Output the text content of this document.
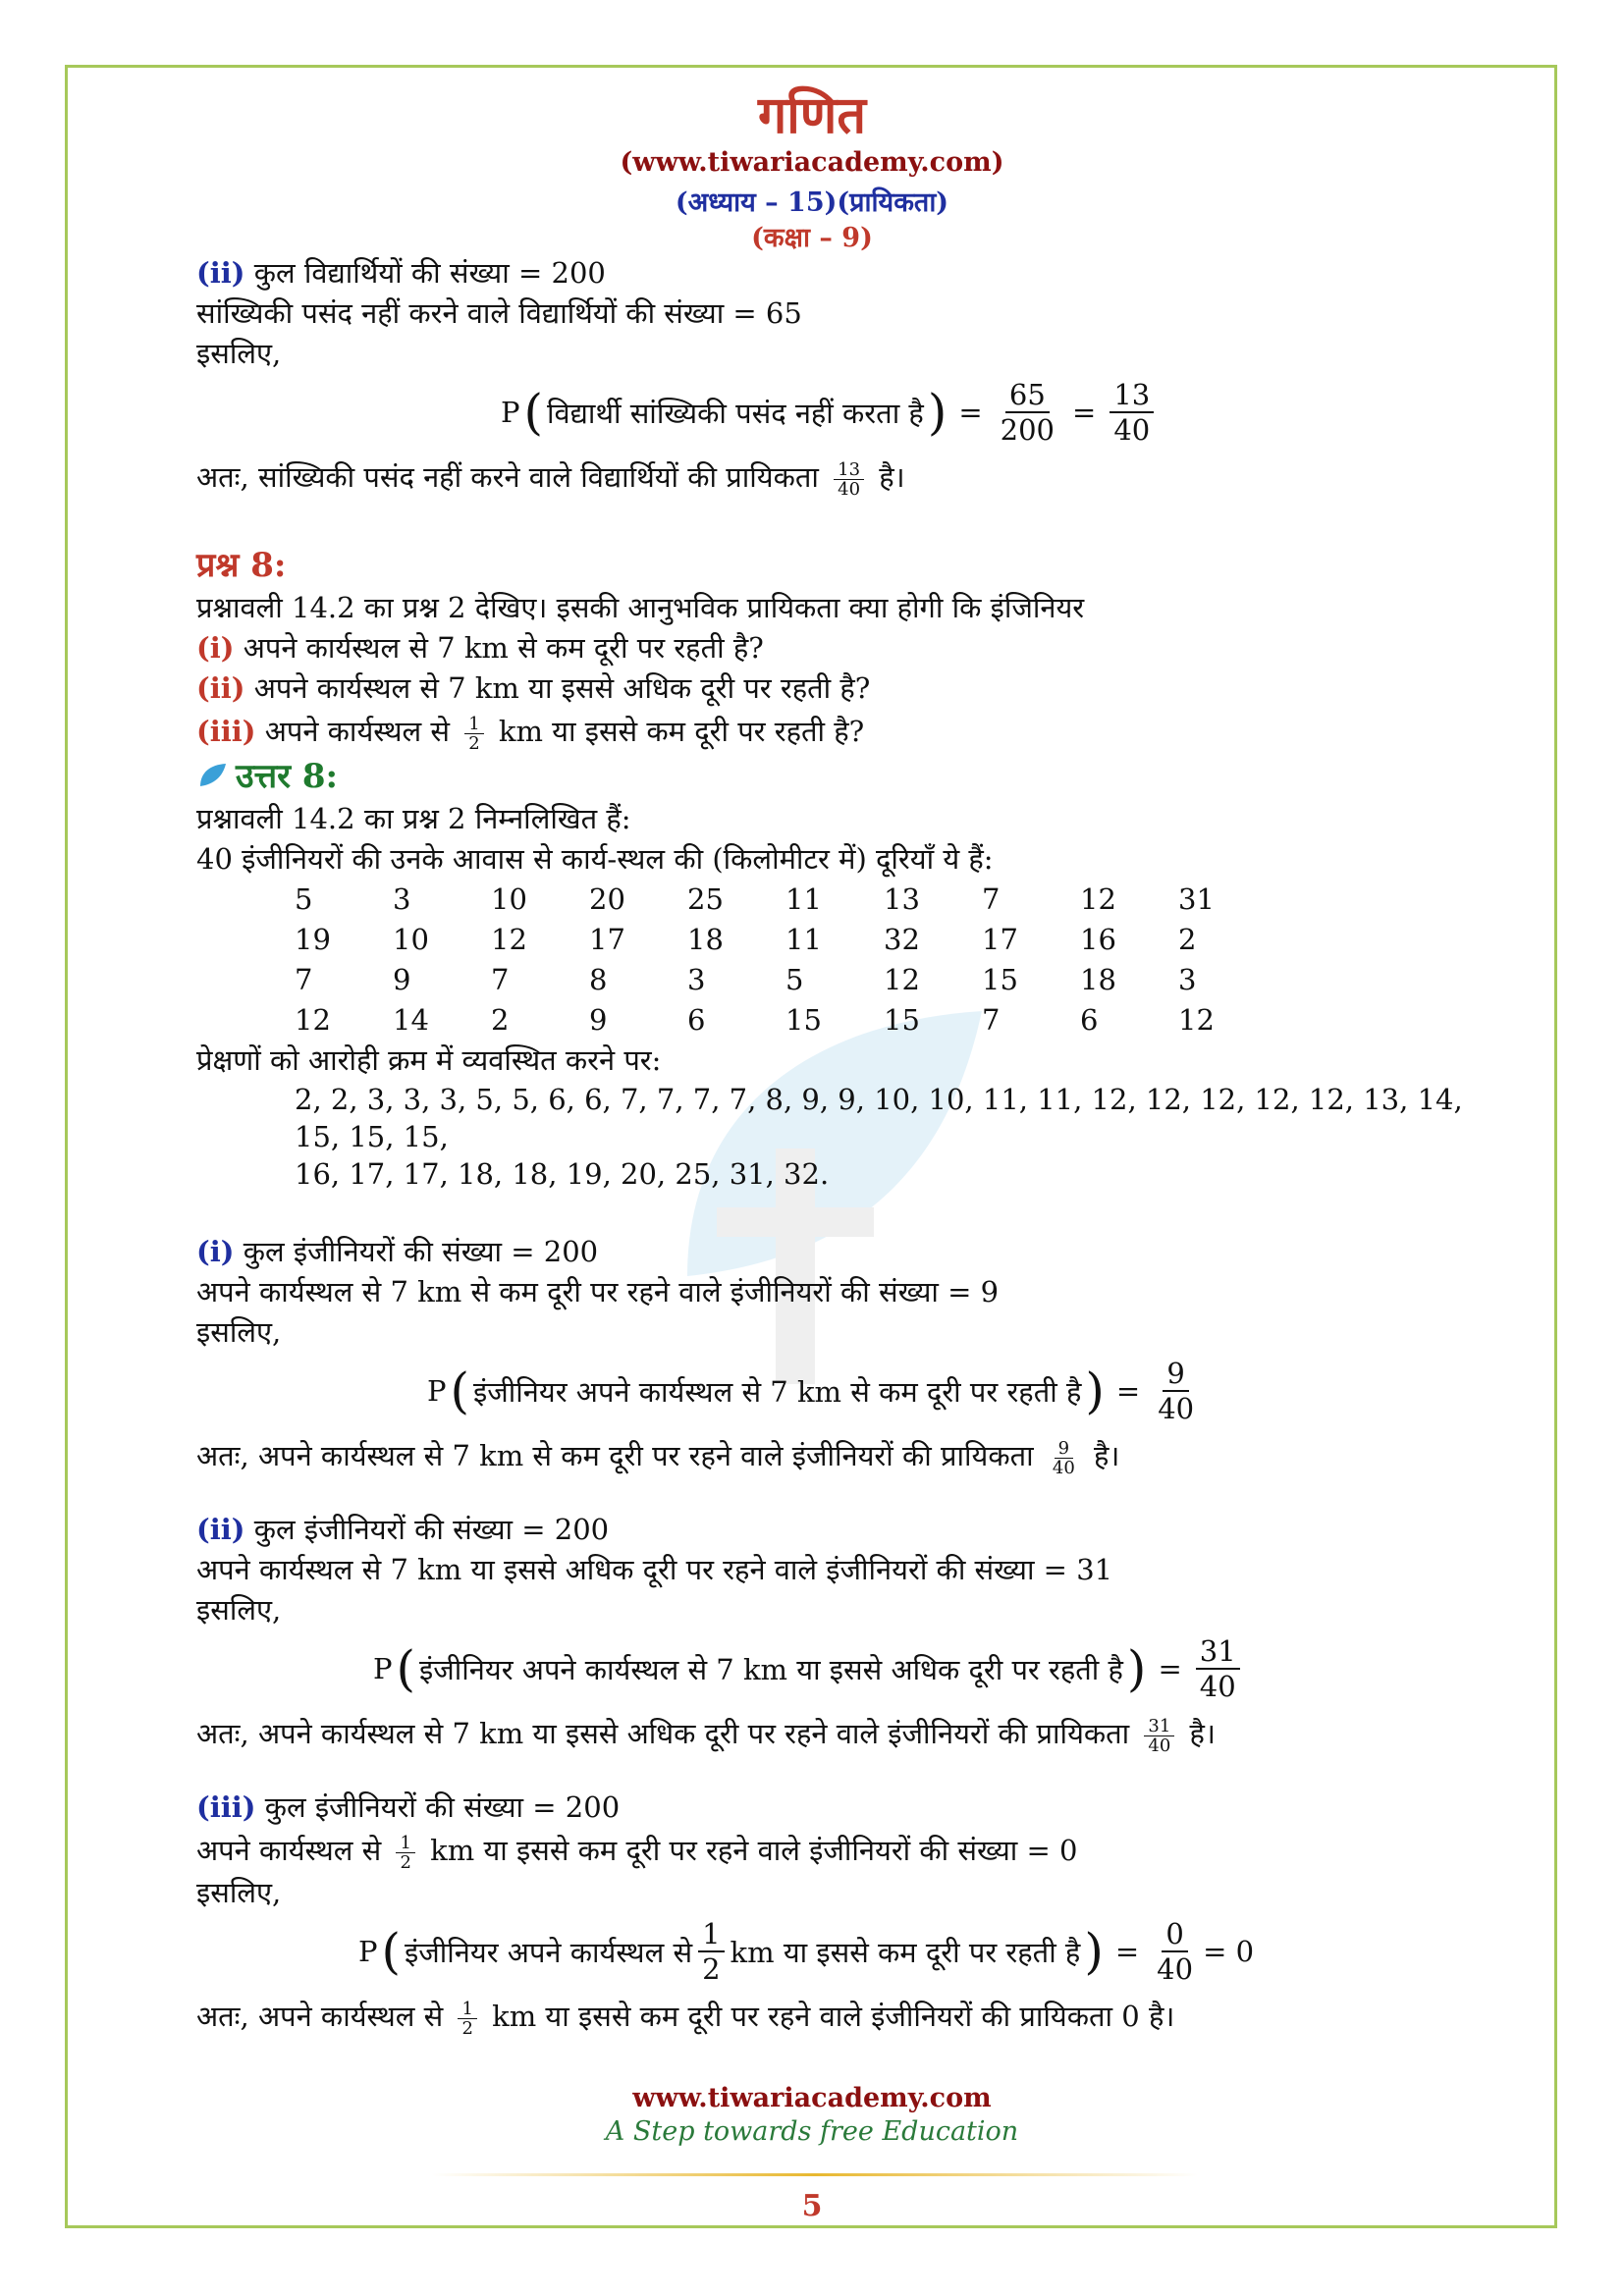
गणित
(www.tiwariacademy.com)
(अध्याय – 15)(प्रायिकता)
(कक्षा – 9)
(ii) कुल विद्यार्थियों की संख्या = 200
सांख्यिकी पसंद नहीं करने वाले विद्यार्थियों की संख्या = 65
इसलिए,
P ( विद्यार्थी सांख्यिकी पसंद नहीं करता है ) = $\frac{65}{200} = \frac{13}{40}$
अतः, सांख्यिकी पसंद नहीं करने वाले विद्यार्थियों की प्रायिकता $\frac{13}{40}$ है।
प्रश्न 8:
प्रश्नावली 14.2 का प्रश्न 2 देखिए। इसकी आनुभविक प्रायिकता क्या होगी कि इंजिनियर
(i) अपने कार्यस्थल से 7 km से कम दूरी पर रहती है?
(ii) अपने कार्यस्थल से 7 km या इससे अधिक दूरी पर रहती है?
(iii) अपने कार्यस्थल से $\frac{1}{2}$ km या इससे कम दूरी पर रहती है?
उत्तर 8:
प्रश्नावली 14.2 का प्रश्न 2 निम्नलिखित हैं:
40 इंजीनियरों की उनके आवास से कार्य-स्थल की (किलोमीटर में) दूरियाँ ये हैं:
5	3	10	20	25	11	13	7	12	31
19	10	12	17	18	11	32	17	16	2
7	9	7	8	3	5	12	15	18	3
12	14	2	9	6	15	15	7	6	12
प्रेक्षणों को आरोही क्रम में व्यवस्थित करने पर:
2, 2, 3, 3, 3, 5, 5, 6, 6, 7, 7, 7, 7, 8, 9, 9, 10, 10, 11, 11, 12, 12, 12, 12, 12, 13, 14, 15, 15, 15,
16, 17, 17, 18, 18, 19, 20, 25, 31, 32.
(i) कुल इंजीनियरों की संख्या = 200
अपने कार्यस्थल से 7 km से कम दूरी पर रहने वाले इंजीनियरों की संख्या = 9
इसलिए,
P ( इंजीनियर अपने कार्यस्थल से 7 km से कम दूरी पर रहती है ) = $\frac{9}{40}$
अतः, अपने कार्यस्थल से 7 km से कम दूरी पर रहने वाले इंजीनियरों की प्रायिकता $\frac{9}{40}$ है।
(ii) कुल इंजीनियरों की संख्या = 200
अपने कार्यस्थल से 7 km या इससे अधिक दूरी पर रहने वाले इंजीनियरों की संख्या = 31
इसलिए,
P ( इंजीनियर अपने कार्यस्थल से 7 km या इससे अधिक दूरी पर रहती है ) = $\frac{31}{40}$
अतः, अपने कार्यस्थल से 7 km या इससे अधिक दूरी पर रहने वाले इंजीनियरों की प्रायिकता $\frac{31}{40}$ है।
(iii) कुल इंजीनियरों की संख्या = 200
अपने कार्यस्थल से $\frac{1}{2}$ km या इससे कम दूरी पर रहने वाले इंजीनियरों की संख्या = 0
इसलिए,
P ( इंजीनियर अपने कार्यस्थल से $\frac{1}{2}$ km या इससे कम दूरी पर रहती है ) = $\frac{0}{40} = 0$
अतः, अपने कार्यस्थल से $\frac{1}{2}$ km या इससे कम दूरी पर रहने वाले इंजीनियरों की प्रायिकता 0 है।
www.tiwariacademy.com
A Step towards free Education
5
